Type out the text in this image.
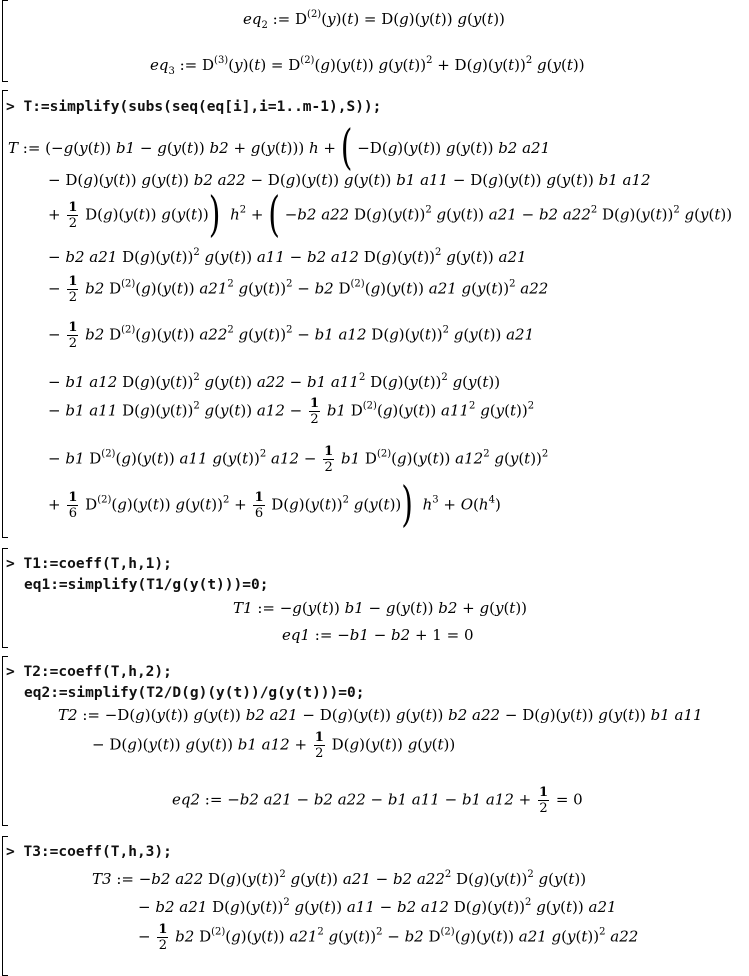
$eq_2$ := $D^{(2)}(y)(t) = D(g)(y(t))$ g(y(t))
$eq_3$ := $D^{(3)}(y)(t) = D^{(2)}(g)(y(t)) g(y(t))^2 + D(g)(y(t))^2$ g(y(t))
> T:=simplify(subs(seq(eq[i],i=1..m-1),S));
T := (−g(y(t)) b1 − g(y(t)) b2 + g(y(t))) h + ( −D(g)(y(t)) g(y(t)) b2 a21
− D(g)(y(t)) g(y(t)) b2 a22 − D(g)(y(t)) g(y(t)) b1 a11 − D(g)(y(t)) g(y(t)) b1 a12
+ $\frac{1}{2} D(g)(y(t))$ g(y(t))) $h^2$ + ( −b2 a22 $D(g)(y(t))^2$ g(y(t)) a21 − b2 $a22^2$ $D(g)(y(t))^2$ g(y(t))
− b2 a21 $D(g)(y(t))^2$ g(y(t)) a11 − b2 a12 $D(g)(y(t))^2$ g(y(t)) a21
− $\frac{1}{2} b2$ $D^{(2)}(g)(y(t))$ $a21^2$ $g(y(t))^2 - b2$ $D^{(2)}(g)(y(t))$ a21 $g(y(t))^2$ a22
− $\frac{1}{2} b2$ $D^{(2)}(g)(y(t))$ $a22^2$ $g(y(t))^2 - b1$ a12 $D(g)(y(t))^2$ g(y(t)) a21
− b1 a12 $D(g)(y(t))^2$ g(y(t)) a22 − b1 $a11^2$ $D(g)(y(t))^2$ g(y(t))
− b1 a11 $D(g)(y(t))^2$ g(y(t)) $a12 - \frac{1}{2} b1$ $D^{(2)}(g)(y(t))$ $a11^2$ $g(y(t))^2$
− b1 $D^{(2)}(g)(y(t))$ a11 $g(y(t))^2$ $a12 - \frac{1}{2} b1$ $D^{(2)}(g)(y(t))$ $a12^2$ $g(y(t))^2$
+ $\frac{1}{6} D^{(2)}(g)(y(t)) g(y(t))^2 + \frac{1}{6} D(g)(y(t))^2$ g(y(t))) $h^3 + O(h^4)$
> T1:=coeff(T,h,1);
eq1:=simplify(T1/g(y(t)))=0;
T1 := −g(y(t)) b1 − g(y(t)) b2 + g(y(t))
eq1 := −b1 − b2 + 1 = 0
> T2:=coeff(T,h,2);
eq2:=simplify(T2/D(g)(y(t))/g(y(t)))=0;
T2 := −D(g)(y(t)) g(y(t)) b2 a21 − D(g)(y(t)) g(y(t)) b2 a22 − D(g)(y(t)) g(y(t)) b1 a11
− D(g)(y(t)) g(y(t)) b1 $a12 + \frac{1}{2} D(g)(y(t))$ g(y(t))
eq2 := −b2 a21 − b2 a22 − b1 a11 − b1 $a12 + \frac{1}{2} = 0$
> T3:=coeff(T,h,3);
T3 := −b2 a22 $D(g)(y(t))^2$ g(y(t)) a21 − b2 $a22^2$ $D(g)(y(t))^2$ g(y(t))
− b2 a21 $D(g)(y(t))^2$ g(y(t)) a11 − b2 a12 $D(g)(y(t))^2$ g(y(t)) a21
− $\frac{1}{2} b2$ $D^{(2)}(g)(y(t))$ $a21^2$ $g(y(t))^2 - b2$ $D^{(2)}(g)(y(t))$ a21 $g(y(t))^2$ a22
